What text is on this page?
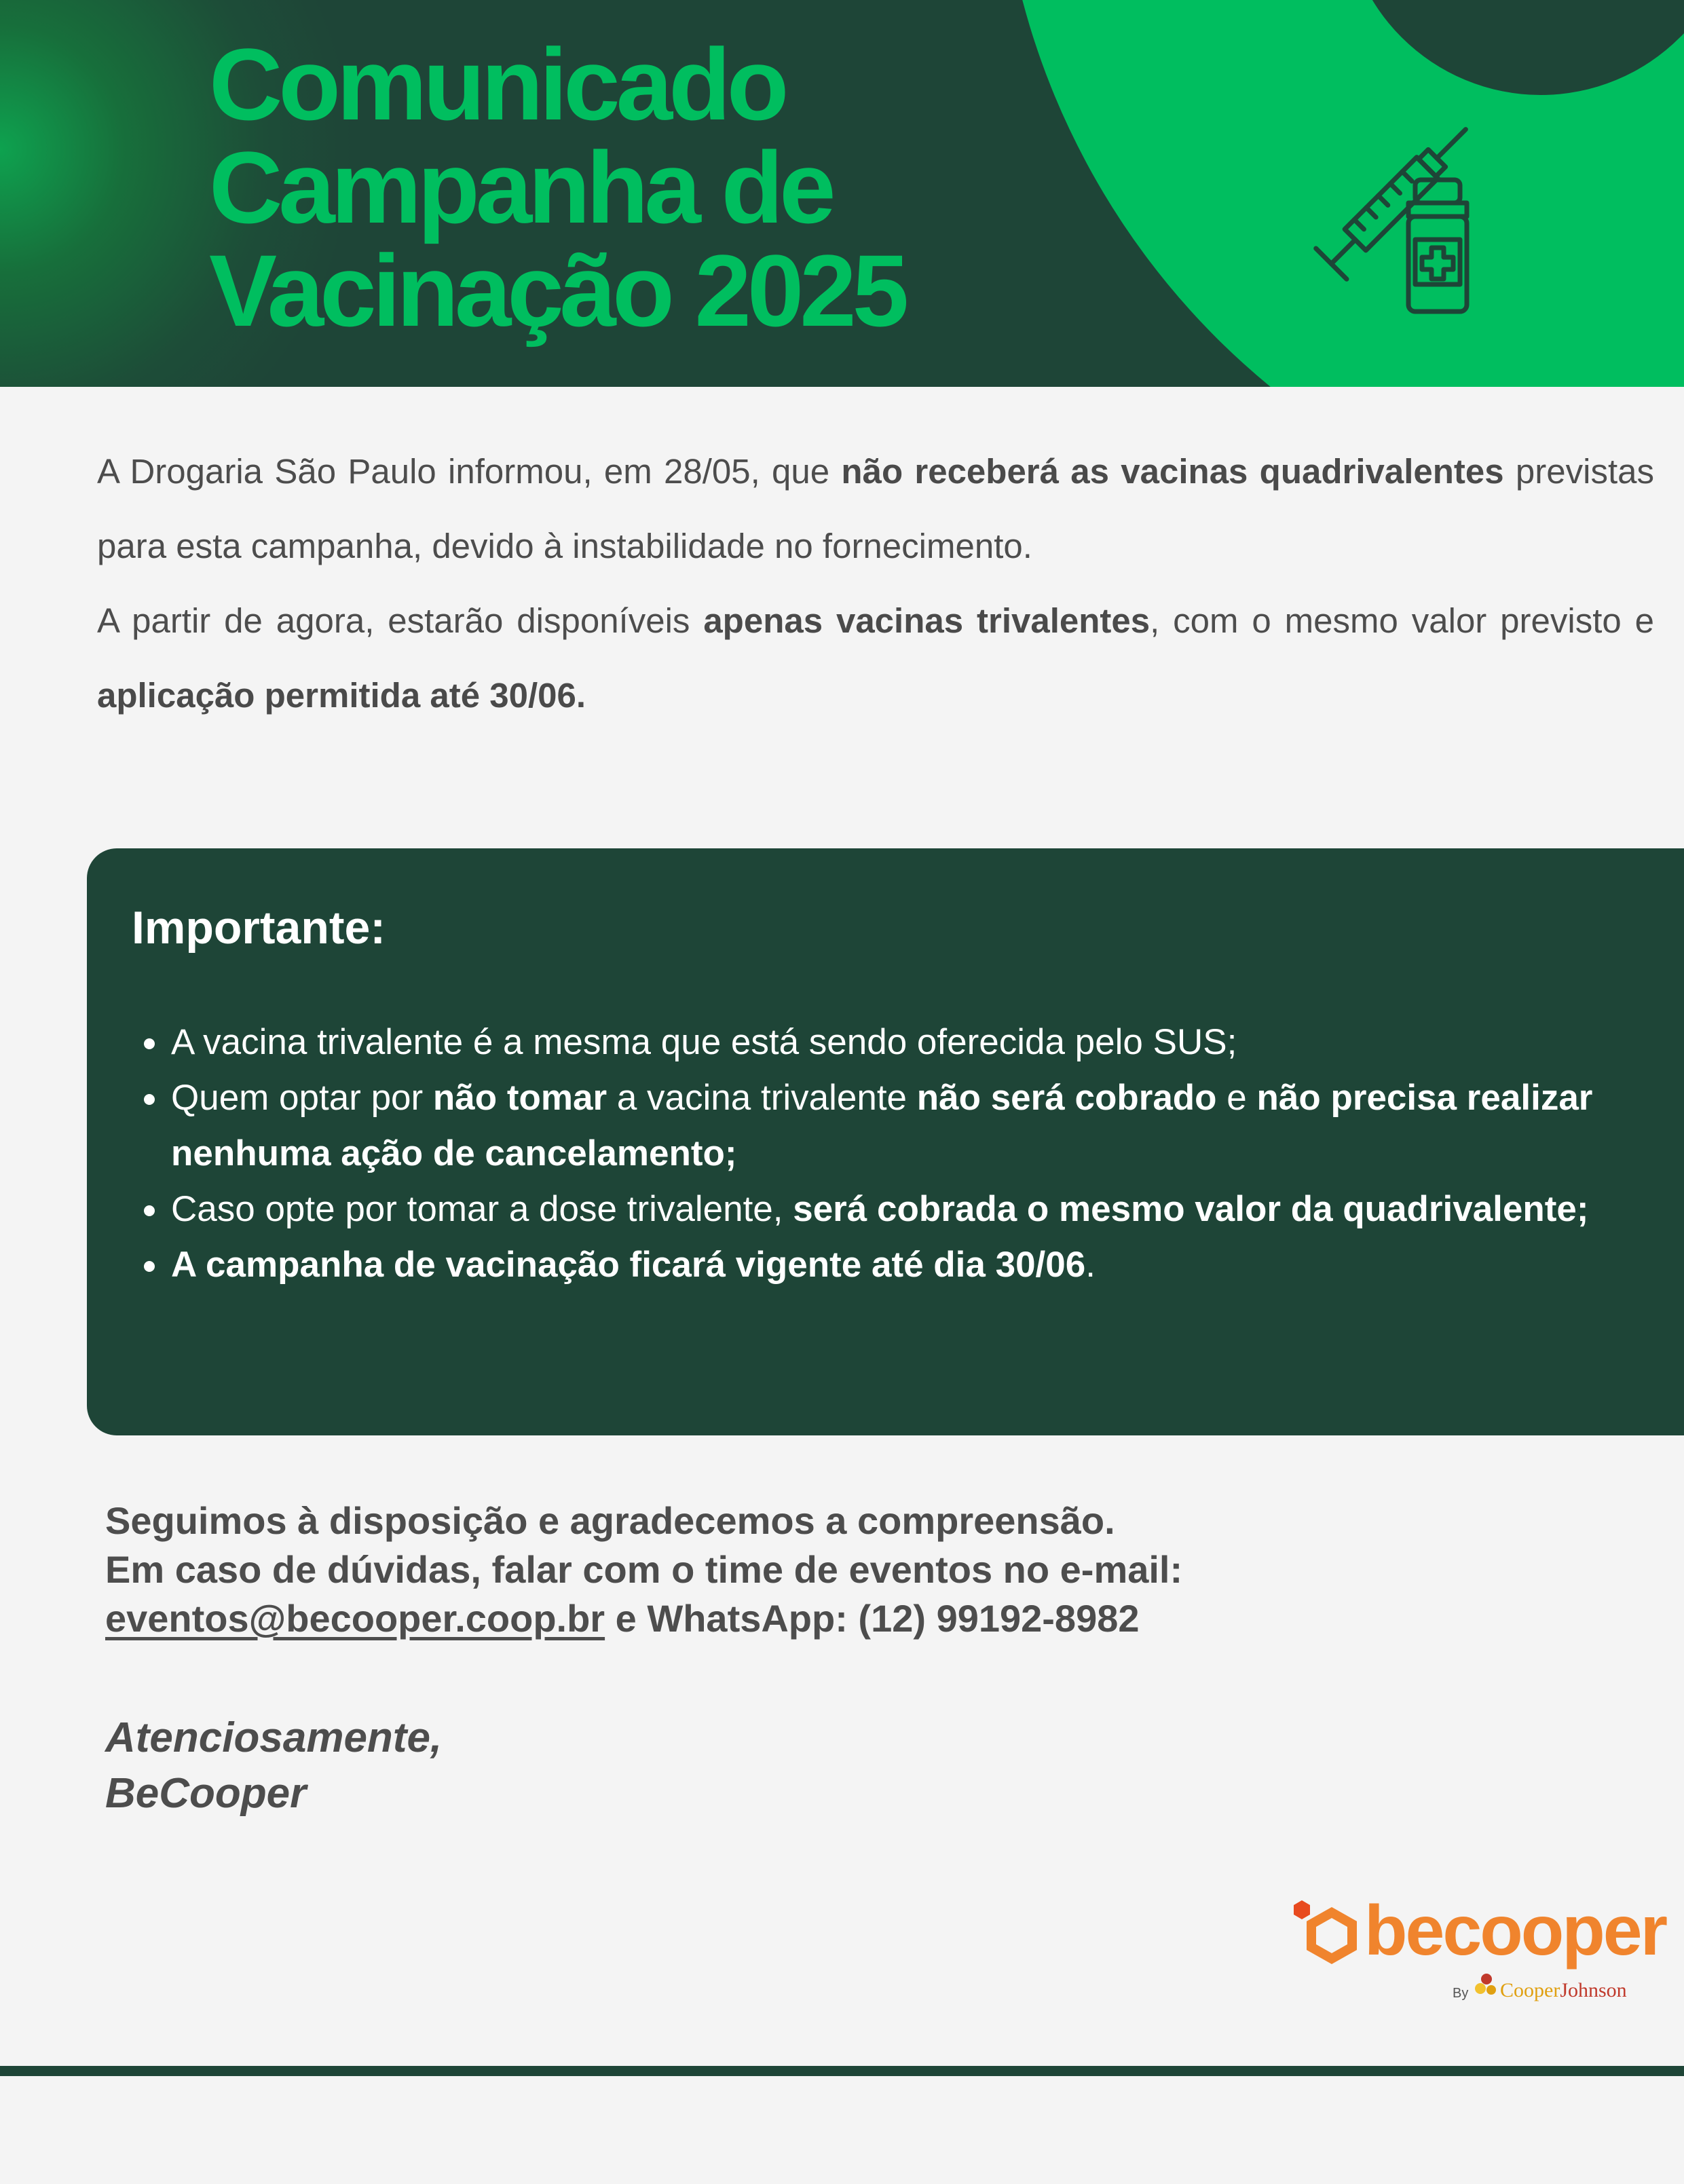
Comunicado
Campanha de
Vacinação 2025

A Drogaria São Paulo informou, em 28/05, que não receberá as vacinas quadrivalentes previstas para esta campanha, devido à instabilidade no fornecimento.

A partir de agora, estarão disponíveis apenas vacinas trivalentes, com o mesmo valor previsto e aplicação permitida até 30/06.

Importante:
• A vacina trivalente é a mesma que está sendo oferecida pelo SUS;
• Quem optar por não tomar a vacina trivalente não será cobrado e não precisa realizar nenhuma ação de cancelamento;
• Caso opte por tomar a dose trivalente, será cobrada o mesmo valor da quadrivalente;
• A campanha de vacinação ficará vigente até dia 30/06.
Seguimos à disposição e agradecemos a compreensão.
Em caso de dúvidas, falar com o time de eventos no e-mail:
eventos@becooper.coop.br e WhatsApp: (12) 99192-8982
Atenciosamente,
BeCooper
becooper
By CooperJohnson
